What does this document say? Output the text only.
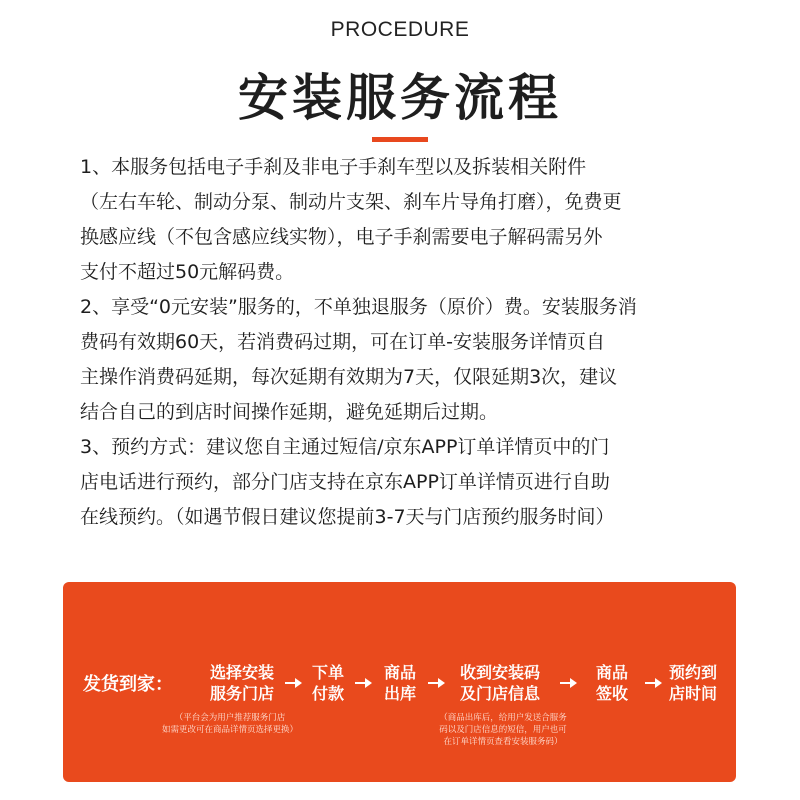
PROCEDURE
安装服务流程

1、本服务包括电子手刹及非电子手刹车型以及拆装相关附件
（左右车轮、制动分泵、制动片支架、刹车片导角打磨），免费更
换感应线（不包含感应线实物），电子手刹需要电子解码需另外
支付不超过50元解码费。

2、享受“0元安装”服务的，不单独退服务（原价）费。安装服务消
费码有效期60天，若消费码过期，可在订单-安装服务详情页自
主操作消费码延期，每次延期有效期为7天，仅限延期3次，建议
结合自己的到店时间操作延期，避免延期后过期。

3、预约方式：建议您自主通过短信/京东APP订单详情页中的门
店电话进行预约，部分门店支持在京东APP订单详情页进行自助
在线预约。（如遇节假日建议您提前3-7天与门店预约服务时间）

发货到家：
选择安装
服务门店
下单
付款
商品
出库
收到安装码
及门店信息
商品
签收
预约到
店时间
（平台会为用户推荐服务门店
如需更改可在商品详情页选择更换）
（商品出库后，给用户发送合服务
码以及门店信息的短信，用户也可
在订单详情页查看安装服务码）
